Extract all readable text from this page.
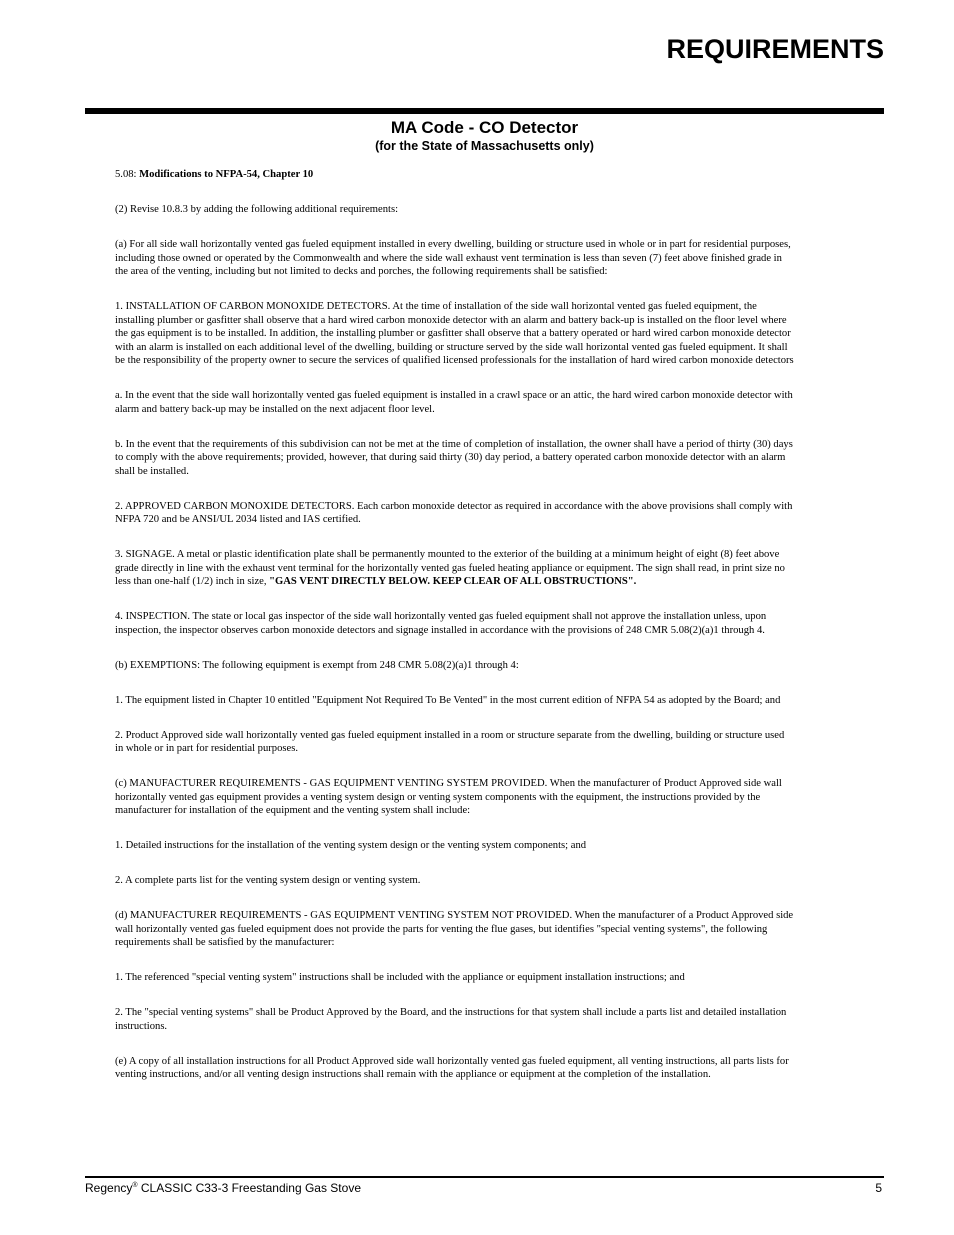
REQUIREMENTS
MA Code - CO Detector
(for the State of Massachusetts only)

5.08: Modifications to NFPA-54, Chapter 10

(2) Revise 10.8.3 by adding the following additional requirements:

(a) For all side wall horizontally vented gas fueled equipment installed in every dwelling, building or structure used in whole or in part for residential purposes, including those owned or operated by the Commonwealth and where the side wall exhaust vent termination is less than seven (7) feet above finished grade in the area of the venting, including but not limited to decks and porches, the following requirements shall be satisfied:

1. INSTALLATION OF CARBON MONOXIDE DETECTORS. At the time of installation of the side wall horizontal vented gas fueled equipment, the installing plumber or gasfitter shall observe that a hard wired carbon monoxide detector with an alarm and battery back-up is installed on the floor level where the gas equipment is to be installed. In addition, the installing plumber or gasfitter shall observe that a battery operated or hard wired carbon monoxide detector with an alarm is installed on each additional level of the dwelling, building or structure served by the side wall horizontal vented gas fueled equipment. It shall be the responsibility of the property owner to secure the services of qualified licensed professionals for the installation of hard wired carbon monoxide detectors

a. In the event that the side wall horizontally vented gas fueled equipment is installed in a crawl space or an attic, the hard wired carbon monoxide detector with alarm and battery back-up may be installed on the next adjacent floor level.

b. In the event that the requirements of this subdivision can not be met at the time of completion of installation, the owner shall have a period of thirty (30) days to comply with the above requirements; provided, however, that during said thirty (30) day period, a battery operated carbon monoxide detector with an alarm shall be installed.

2. APPROVED CARBON MONOXIDE DETECTORS. Each carbon monoxide detector as required in accordance with the above provisions shall comply with NFPA 720 and be ANSI/UL 2034 listed and IAS certified.

3. SIGNAGE. A metal or plastic identification plate shall be permanently mounted to the exterior of the building at a minimum height of eight (8) feet above grade directly in line with the exhaust vent terminal for the horizontally vented gas fueled heating appliance or equipment. The sign shall read, in print size no less than one-half (1/2) inch in size, "GAS VENT DIRECTLY BELOW. KEEP CLEAR OF ALL OBSTRUCTIONS".

4. INSPECTION. The state or local gas inspector of the side wall horizontally vented gas fueled equipment shall not approve the installation unless, upon inspection, the inspector observes carbon monoxide detectors and signage installed in accordance with the provisions of 248 CMR 5.08(2)(a)1 through 4.

(b) EXEMPTIONS: The following equipment is exempt from 248 CMR 5.08(2)(a)1 through 4:

1. The equipment listed in Chapter 10 entitled "Equipment Not Required To Be Vented" in the most current edition of NFPA 54 as adopted by the Board; and

2. Product Approved side wall horizontally vented gas fueled equipment installed in a room or structure separate from the dwelling, building or structure used in whole or in part for residential purposes.

(c) MANUFACTURER REQUIREMENTS - GAS EQUIPMENT VENTING SYSTEM PROVIDED. When the manufacturer of Product Approved side wall horizontally vented gas equipment provides a venting system design or venting system components with the equipment, the instructions provided by the manufacturer for installation of the equipment and the venting system shall include:

1. Detailed instructions for the installation of the venting system design or the venting system components; and

2. A complete parts list for the venting system design or venting system.

(d) MANUFACTURER REQUIREMENTS - GAS EQUIPMENT VENTING SYSTEM NOT PROVIDED. When the manufacturer of a Product Approved side wall horizontally vented gas fueled equipment does not provide the parts for venting the flue gases, but identifies "special venting systems", the following requirements shall be satisfied by the manufacturer:

1. The referenced "special venting system" instructions shall be included with the appliance or equipment installation instructions; and

2. The "special venting systems" shall be Product Approved by the Board, and the instructions for that system shall include a parts list and detailed installation instructions.

(e) A copy of all installation instructions for all Product Approved side wall horizontally vented gas fueled equipment, all venting instructions, all parts lists for venting instructions, and/or all venting design instructions shall remain with the appliance or equipment at the completion of the installation.

Regency® CLASSIC C33-3 Freestanding Gas Stove	5
